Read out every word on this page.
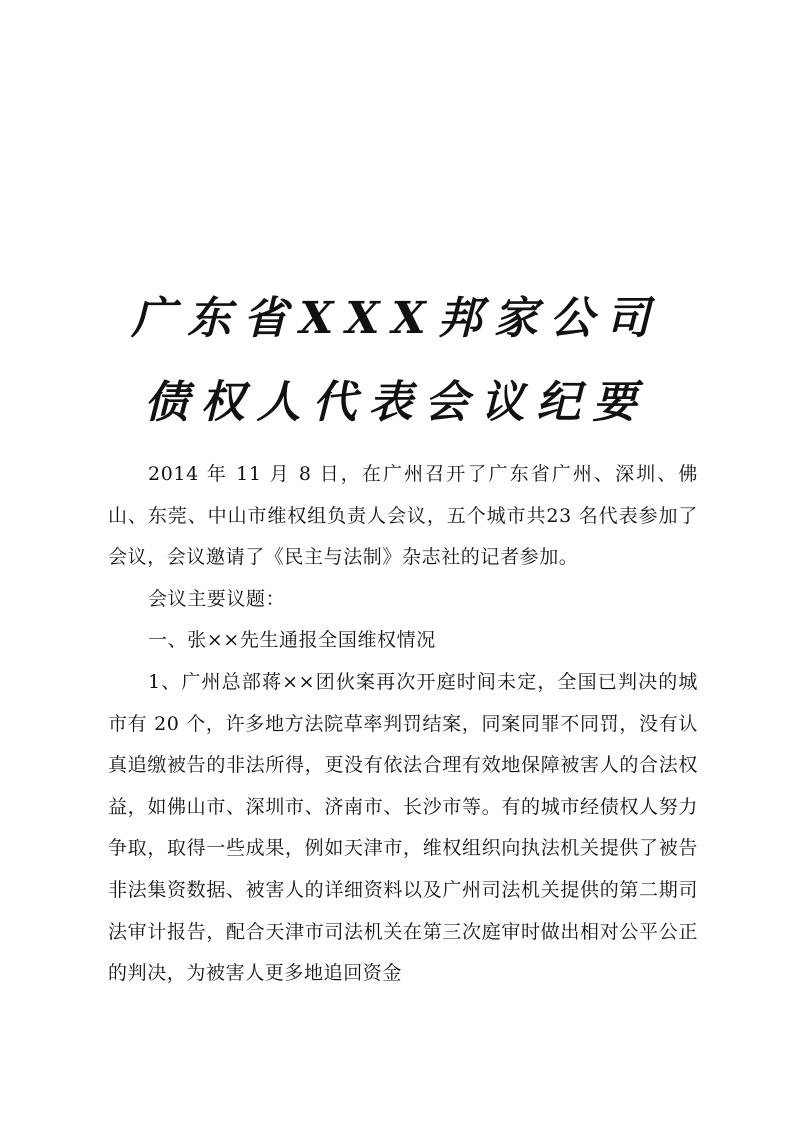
广东省XXX邦家公司
债权人代表会议纪要

2014 年 11 月 8 日，在广州召开了广东省广州、深圳、佛山、东莞、中山市维权组负责人会议，五个城市共23 名代表参加了会议，会议邀请了《民主与法制》杂志社的记者参加。

会议主要议题：

一、张××先生通报全国维权情况

1、广州总部蒋××团伙案再次开庭时间未定，全国已判决的城市有 20 个，许多地方法院草率判罚结案，同案同罪不同罚，没有认真追缴被告的非法所得，更没有依法合理有效地保障被害人的合法权益，如佛山市、深圳市、济南市、长沙市等。有的城市经债权人努力争取，取得一些成果，例如天津市，维权组织向执法机关提供了被告非法集资数据、被害人的详细资料以及广州司法机关提供的第二期司法审计报告，配合天津市司法机关在第三次庭审时做出相对公平公正的判决，为被害人更多地追回资金
